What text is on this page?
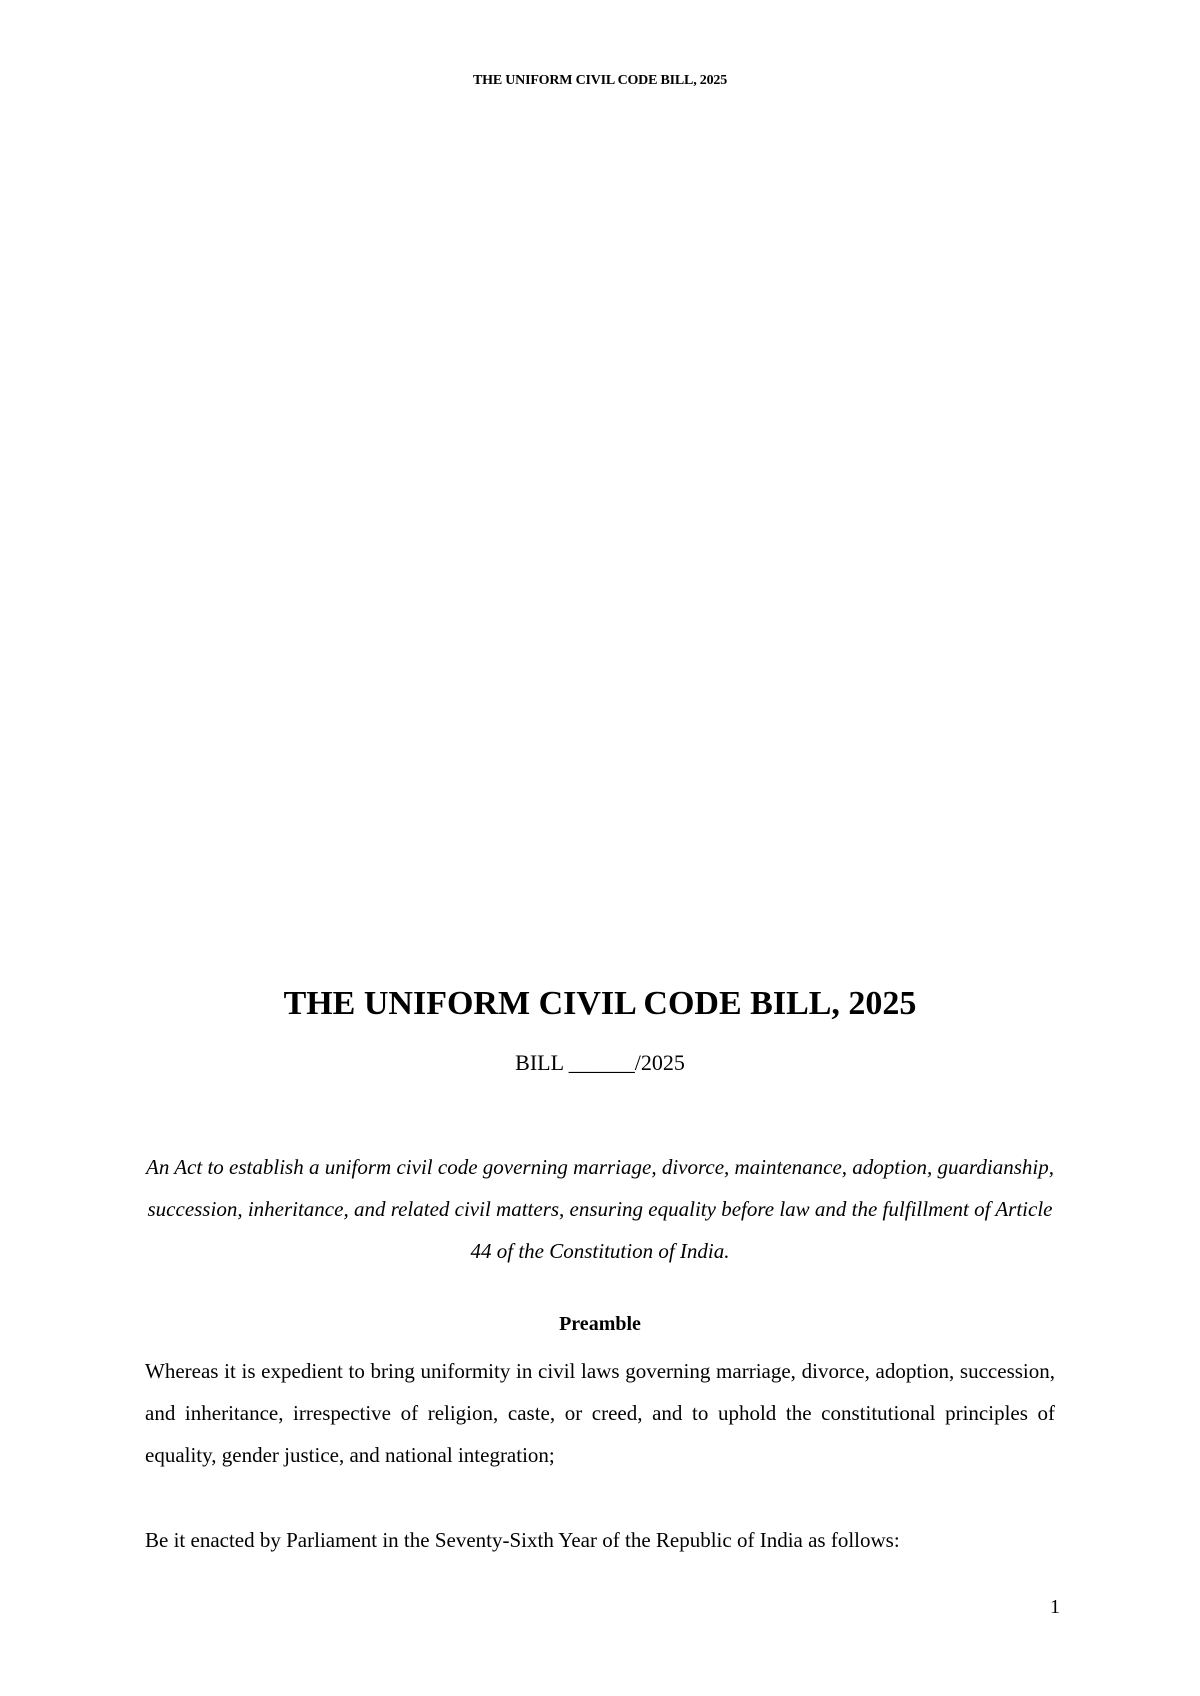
THE UNIFORM CIVIL CODE BILL, 2025
THE UNIFORM CIVIL CODE BILL, 2025
BILL ______/2025
An Act to establish a uniform civil code governing marriage, divorce, maintenance, adoption, guardianship, succession, inheritance, and related civil matters, ensuring equality before law and the fulfillment of Article 44 of the Constitution of India.
Preamble
Whereas it is expedient to bring uniformity in civil laws governing marriage, divorce, adoption, succession, and inheritance, irrespective of religion, caste, or creed, and to uphold the constitutional principles of equality, gender justice, and national integration;
Be it enacted by Parliament in the Seventy-Sixth Year of the Republic of India as follows:
1
